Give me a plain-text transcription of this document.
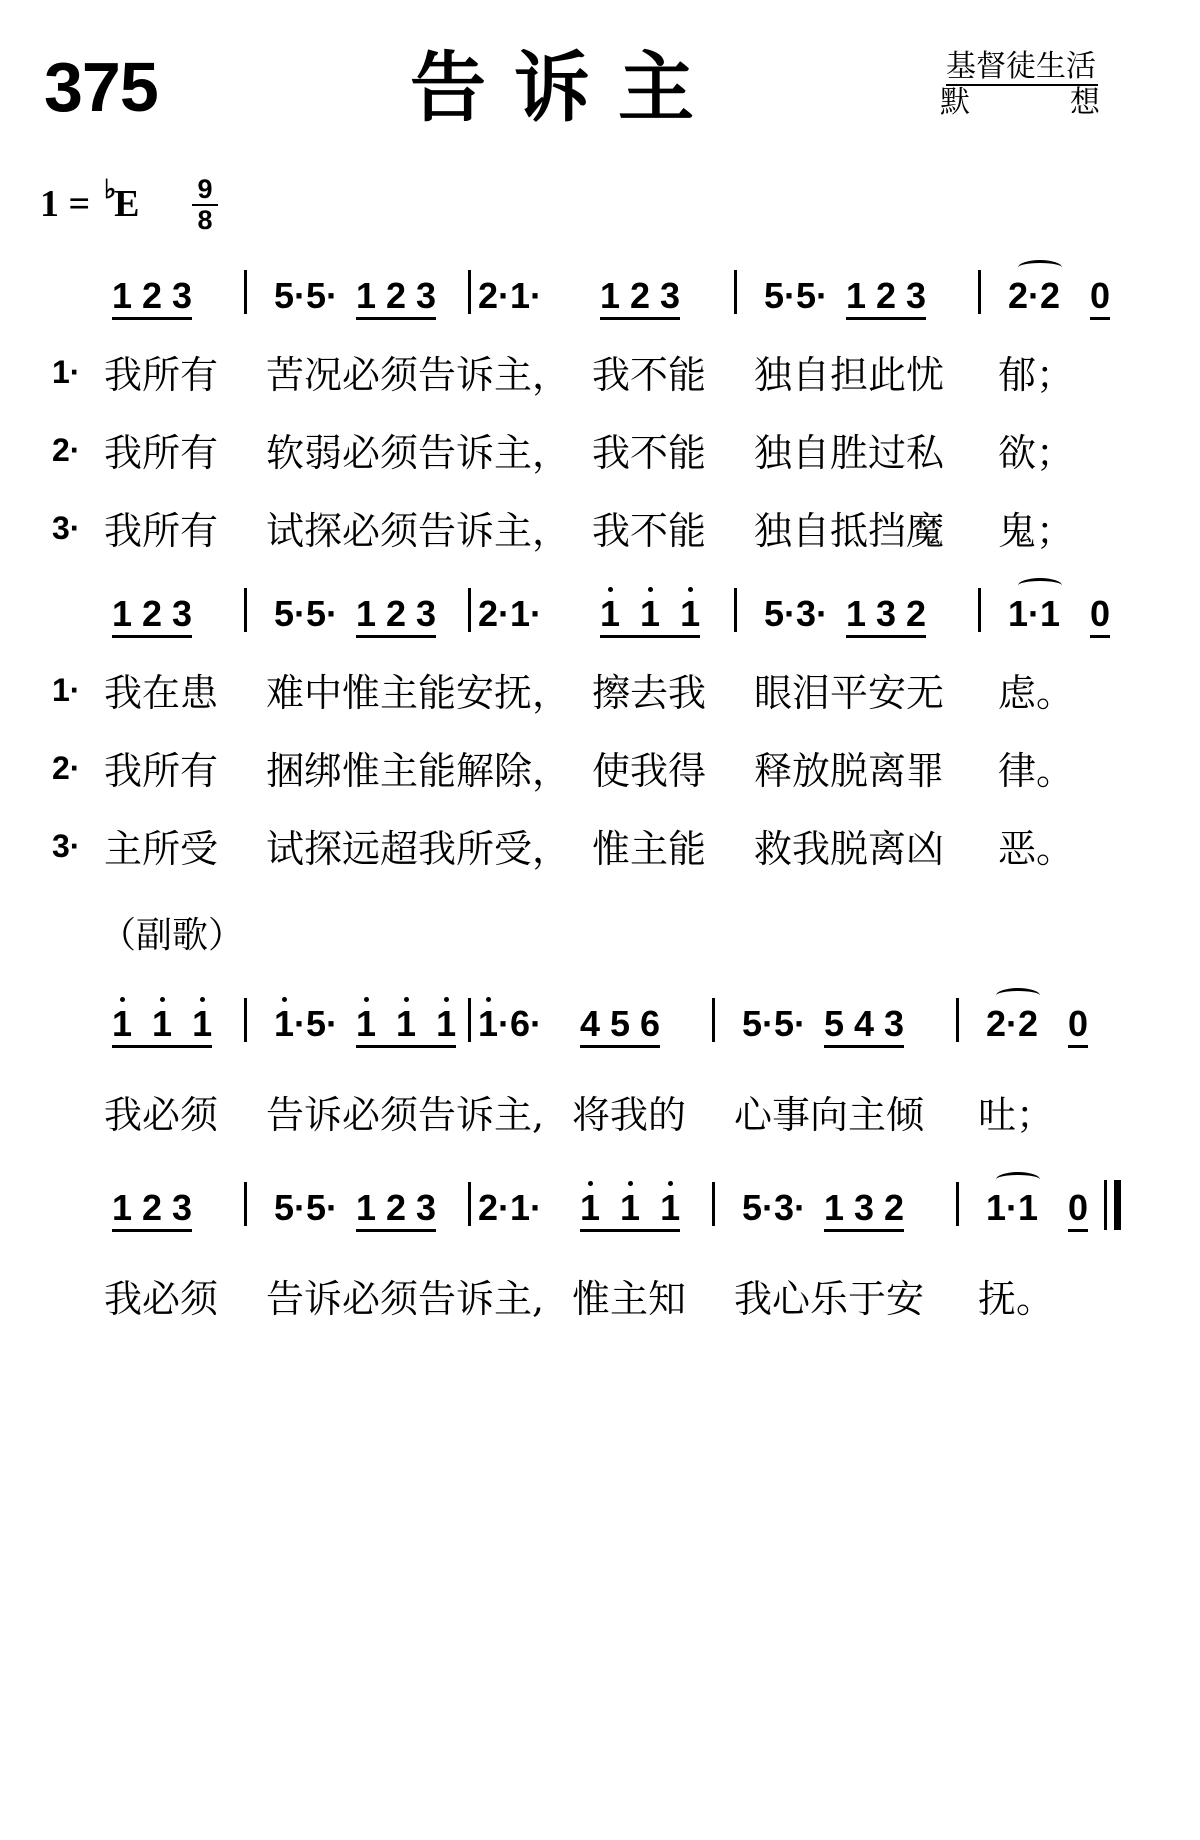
375	告诉主	基督徒生活
默	想
1 = E
♭	9
8

1 2 3

5·5·

1 2 3

2·1·

1 2 3

5·5·

1 2 3

2·2

0

1· 我所有 苦况必须告诉主， 我不能 独自担此忧 郁；
2· 我所有 软弱必须告诉主， 我不能 独自胜过私 欲；
3· 我所有 试探必须告诉主， 我不能 独自抵挡魔 鬼；

1 2 3

5·5·

1 2 3

2·1·

1 1 1

5·3·

1 3 2

1·1

0

1· 我在患 难中惟主能安抚， 擦去我 眼泪平安无 虑。
2· 我所有 捆绑惟主能解除， 使我得 释放脱离罪 律。
3· 主所受 试探远超我所受， 惟主能 救我脱离凶 恶。
（副歌）

1 1 1

1·5·

1 1 1

1·6·

4 5 6

5·5·

5 4 3

2·2

0

我必须 告诉必须告诉主, 将我的 心事向主倾 吐；

1 2 3

5·5·

1 2 3

2·1·

1 1 1

5·3·

1 3 2

1·1

0

我必须 告诉必须告诉主, 惟主知 我心乐于安 抚。
